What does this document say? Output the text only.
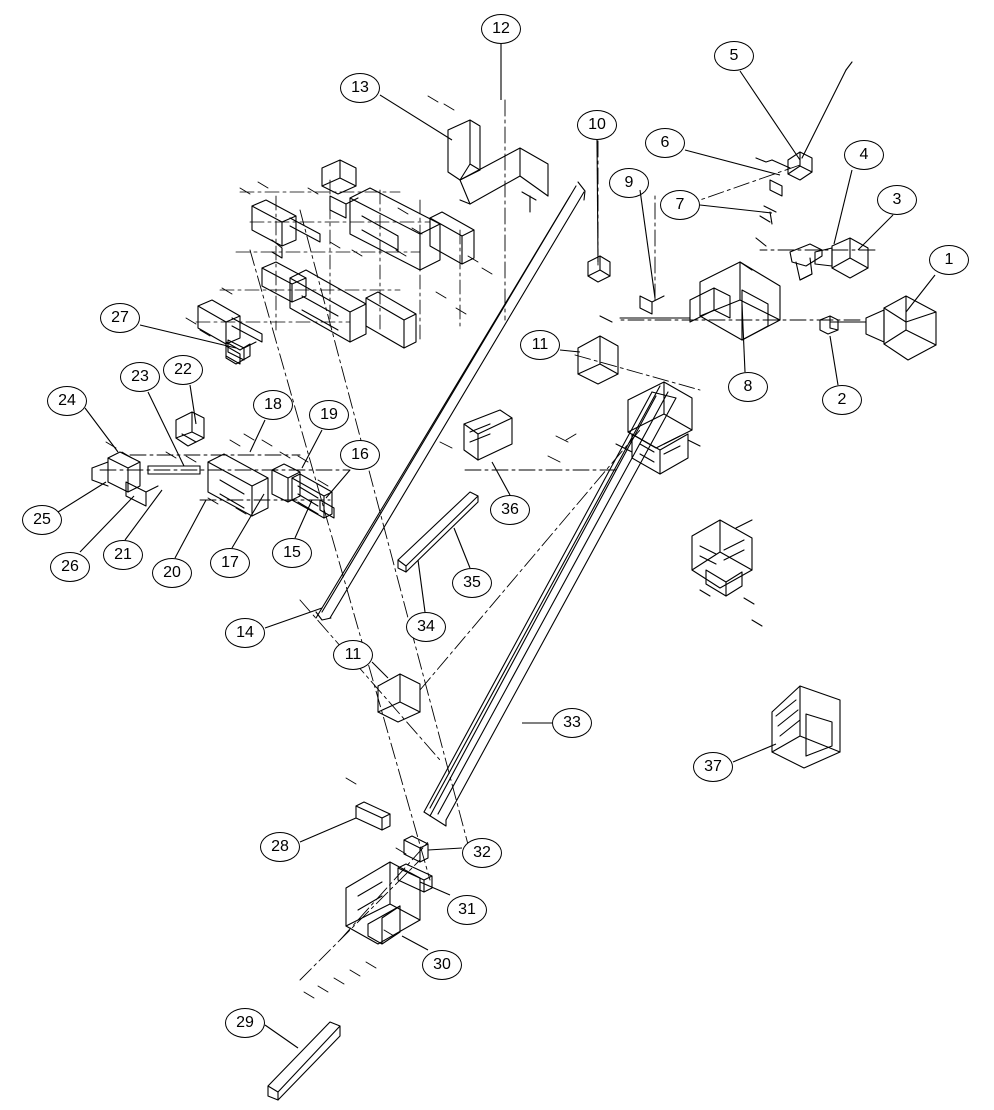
12
13
5
10
6
4
9
7	3
1
27
11
2
8
22
23
24	18
19
16
25
36
26
21
20
17
15
35
34
14
11
33
37
28	32
31
30
29
